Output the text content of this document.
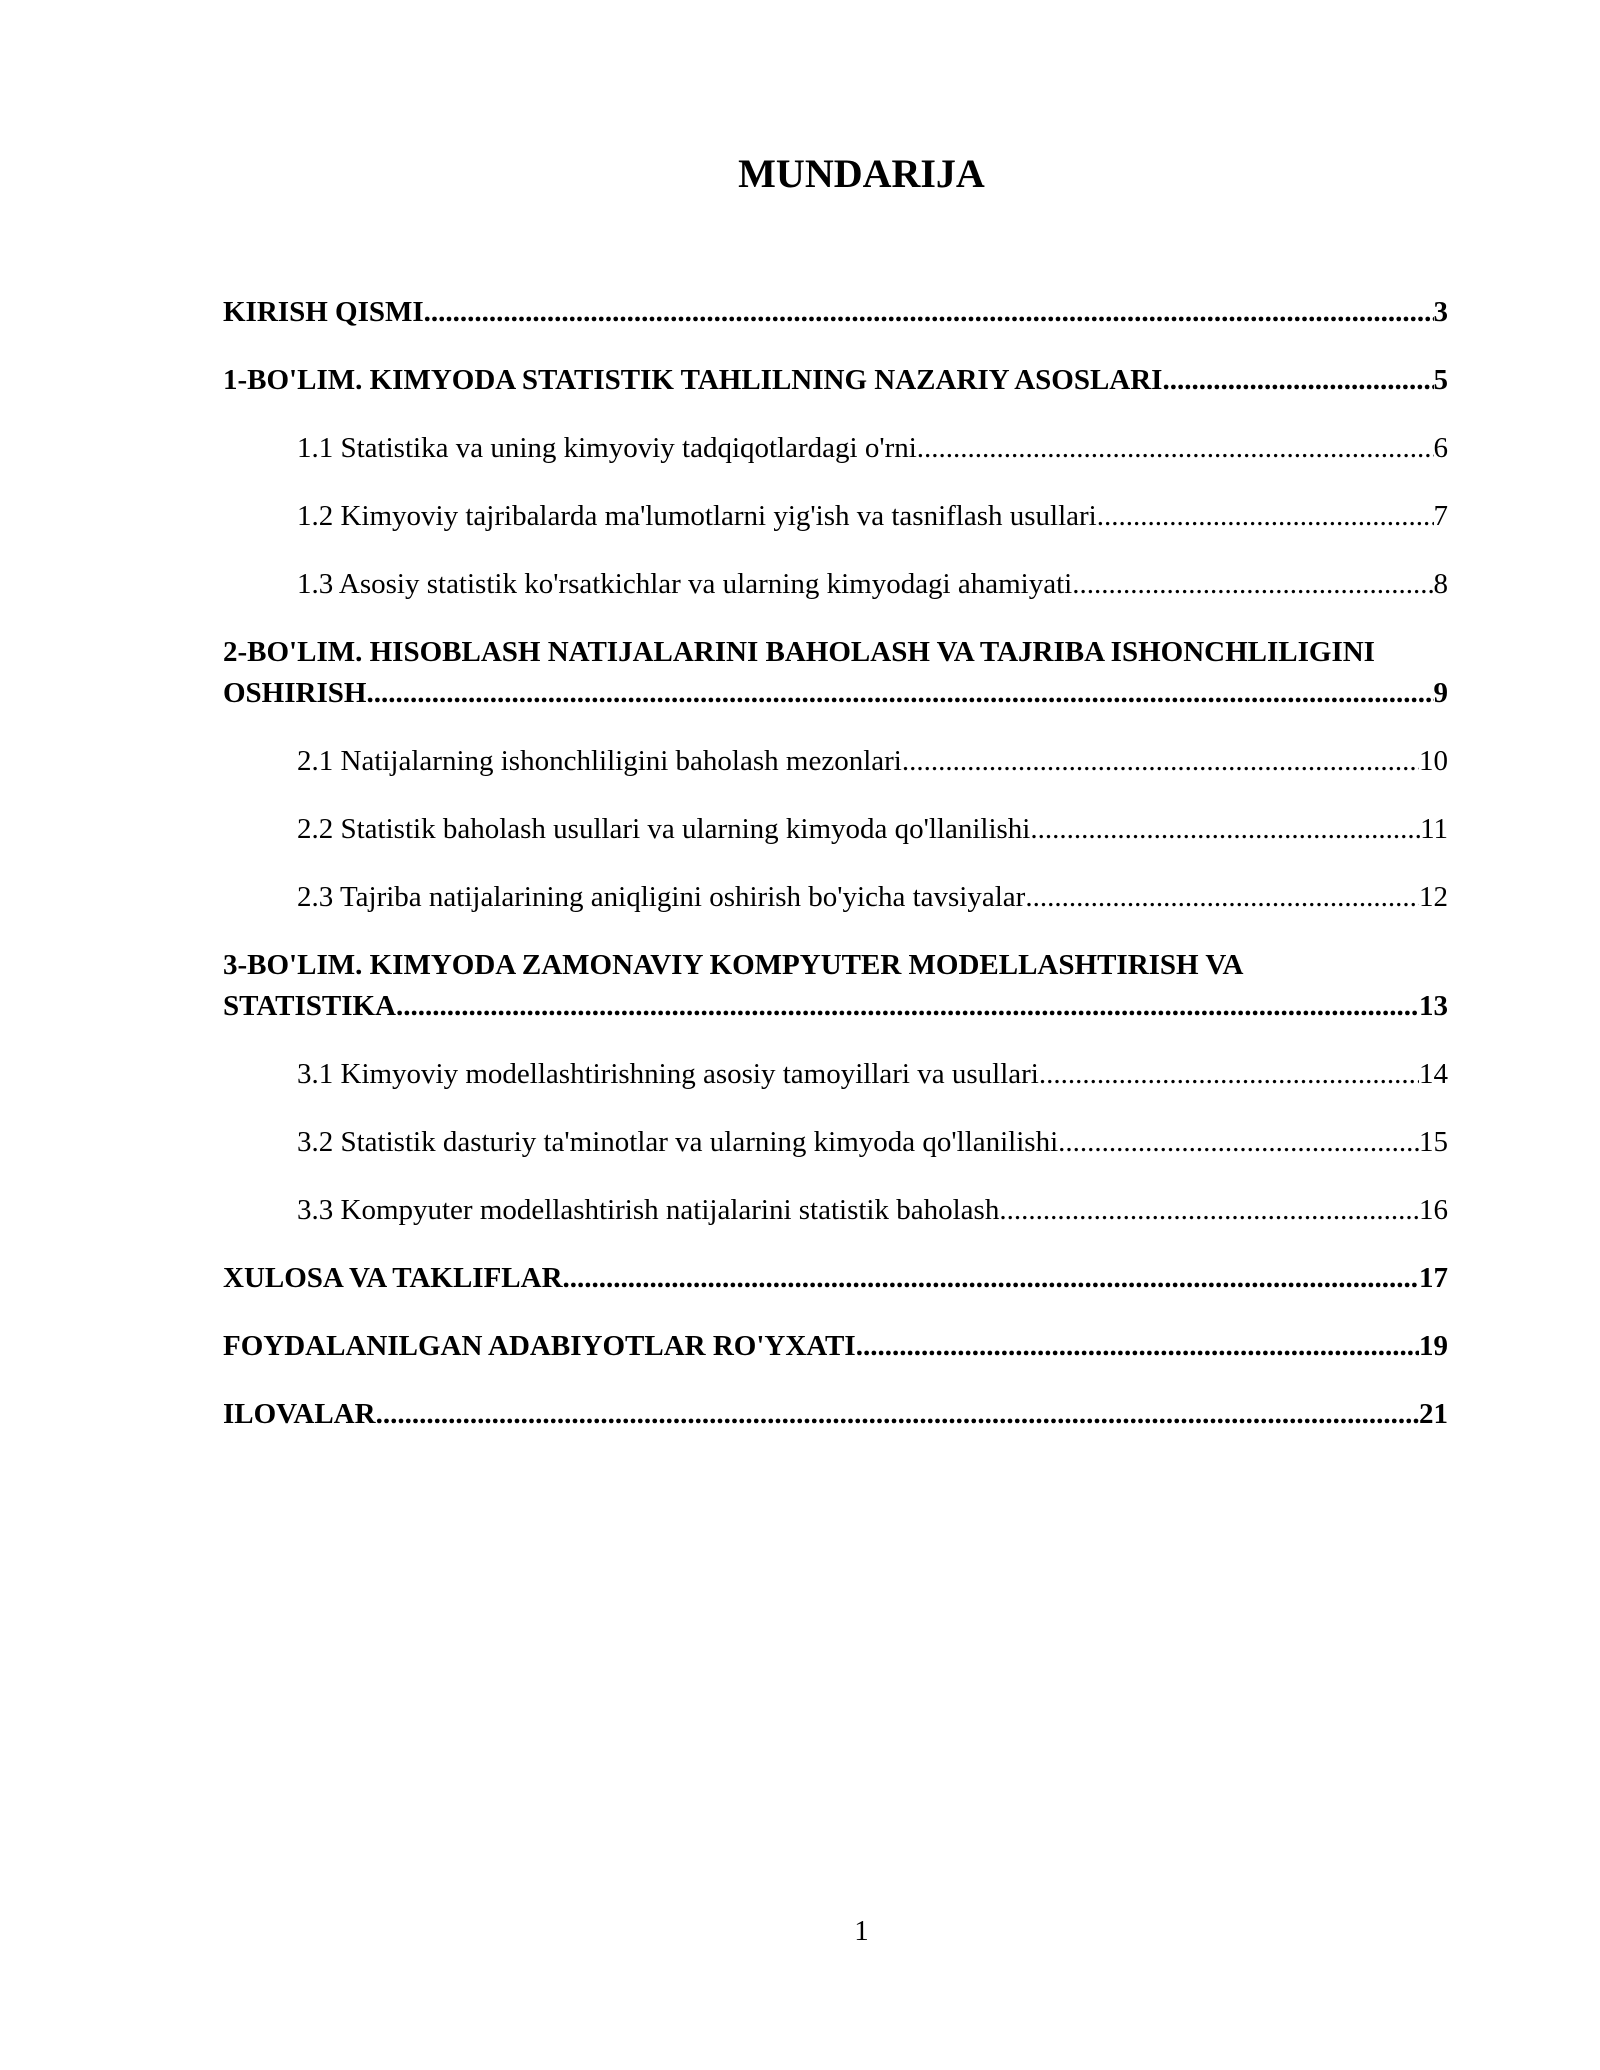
MUNDARIJA
KIRISH QISMI .....	3
1-BO'LIM. KIMYODA STATISTIK TAHLILNING NAZARIY ASOSLARI .....	5
1.1 Statistika va uning kimyoviy tadqiqotlardagi o'rni .....	6
1.2 Kimyoviy tajribalarda ma'lumotlarni yig'ish va tasniflash usullari .....	7
1.3 Asosiy statistik ko'rsatkichlar va ularning kimyodagi ahamiyati .....	8
2-BO'LIM. HISOBLASH NATIJALARINI BAHOLASH VA TAJRIBA ISHONCHLILIGINI
OSHIRISH .....	9
2.1 Natijalarning ishonchliligini baholash mezonlari .....	10
2.2 Statistik baholash usullari va ularning kimyoda qo'llanilishi .....	11
2.3 Tajriba natijalarining aniqligini oshirish bo'yicha tavsiyalar .....	12
3-BO'LIM. KIMYODA ZAMONAVIY KOMPYUTER MODELLASHTIRISH VA
STATISTIKA .....	13
3.1 Kimyoviy modellashtirishning asosiy tamoyillari va usullari .....	14
3.2 Statistik dasturiy ta'minotlar va ularning kimyoda qo'llanilishi .....	15
3.3 Kompyuter modellashtirish natijalarini statistik baholash .....	16
XULOSA VA TAKLIFLAR .....	17
FOYDALANILGAN ADABIYOTLAR RO'YXATI .....	19
ILOVALAR .....	21
1
